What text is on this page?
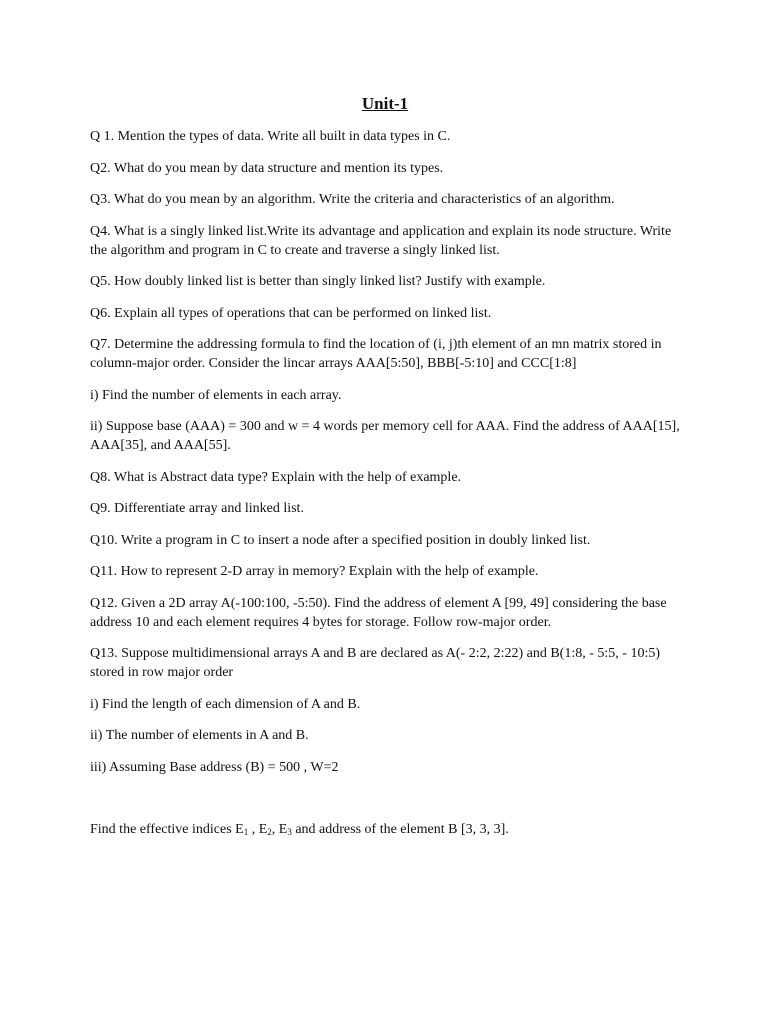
Unit-1

Q 1. Mention the types of data. Write all built in data types in C.

Q2. What do you mean by data structure and mention its types.

Q3. What do you mean by an algorithm. Write the criteria and characteristics of an algorithm.

Q4. What is a singly linked list.Write its advantage and application and explain its node structure. Write the algorithm and program in C to create and traverse a singly linked list.

Q5. How doubly linked list is better than singly linked list? Justify with example.

Q6. Explain all types of operations that can be performed on linked list.

Q7. Determine the addressing formula to find the location of (i, j)th element of an mn matrix stored in column-major order. Consider the lincar arrays AAA[5:50], BBB[-5:10] and CCC[1:8]

i) Find the number of elements in each array.

ii) Suppose base (AAA) = 300 and w = 4 words per memory cell for AAA. Find the address of AAA[15], AAA[35], and AAA[55].

Q8. What is Abstract data type? Explain with the help of example.

Q9. Differentiate array and linked list.

Q10. Write a program in C to insert a node after a specified position in doubly linked list.

Q11. How to represent 2-D array in memory? Explain with the help of example.

Q12. Given a 2D array A(-100:100, -5:50). Find the address of element A [99, 49] considering the base address 10 and each element requires 4 bytes for storage. Follow row-major order.

Q13. Suppose multidimensional arrays A and B are declared as A(- 2:2, 2:22) and B(1:8, - 5:5, - 10:5) stored in row major order

i) Find the length of each dimension of A and B.

ii) The number of elements in A and B.

iii) Assuming Base address (B) = 500 , W=2

Find the effective indices $E_1$ , $E_2$, $E_3$ and address of the element B [3, 3, 3].
